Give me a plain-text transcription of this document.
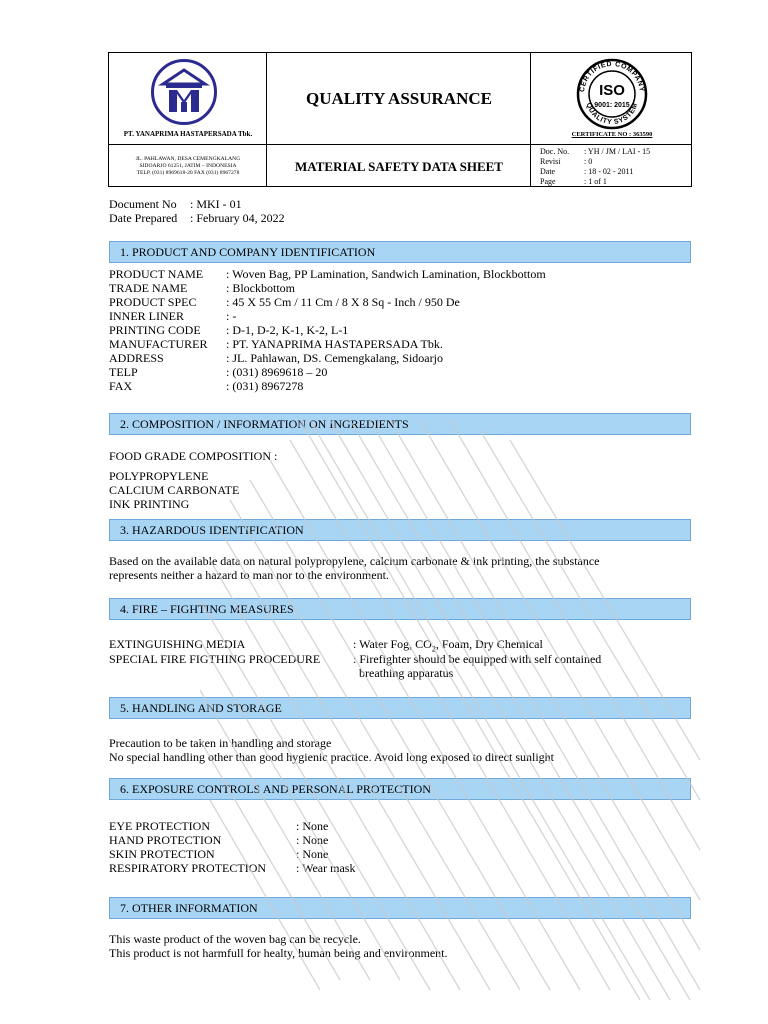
PT. YANAPRIMA HASTAPERSADA Tbk.
QUALITY ASSURANCE	CERTIFIED COMPANY
QUALITY SYSTEM
ISO
9001: 2015
CERTIFICATE NO : 363590
JL. PAHLAWAN, DESA CEMENGKALANG
SIDOARJO 61251, JATIM – INDONESIA
TELP. (031) 8969618-20 FAX (031) 8967278	MATERIAL SAFETY DATA SHEET
Doc. No.	: YH / JM / LAI - 15
Revisi	: 0
Date	: 18 - 02 - 2011
Page	: 1 of 1
Document No : MKI - 01
Date Prepared : February 04, 2022
1. PRODUCT AND COMPANY IDENTIFICATION
PRODUCT NAME : Woven Bag, PP Lamination, Sandwich Lamination, Blockbottom
TRADE NAME	: Blockbottom
PRODUCT SPEC : 45 X 55 Cm / 11 Cm / 8 X 8 Sq - Inch / 950 De
INNER LINER	: -
PRINTING CODE : D-1, D-2, K-1, K-2, L-1
MANUFACTURER : PT. YANAPRIMA HASTAPERSADA Tbk.
ADDRESS	: JL. Pahlawan, DS. Cemengkalang, Sidoarjo
TELP	: (031) 8969618 – 20
FAX	: (031) 8967278
2. COMPOSITION / INFORMATION ON INGREDIENTS
FOOD GRADE COMPOSITION :
POLYPROPYLENE
CALCIUM CARBONATE
INK PRINTING
3. HAZARDOUS IDENTIFICATION
Based on the available data on natural polypropylene, calcium carbonate & ink printing, the substance
represents neither a hazard to man nor to the environment.
4. FIRE – FIGHTING MEASURES
EXTINGUISHING MEDIA	: Water Fog, $CO_2$, Foam, Dry Chemical
SPECIAL FIRE FIGTHING PROCEDURE	: Firefighter should be equipped with self contained
breathing apparatus
5. HANDLING AND STORAGE
Precaution to be taken in handling and storage
No special handling other than good hygienic practice. Avoid long exposed to direct sunlight
6. EXPOSURE CONTROLS AND PERSONAL PROTECTION
EYE PROTECTION	: None
HAND PROTECTION	: None
SKIN PROTECTION	: None
RESPIRATORY PROTECTION : Wear mask
7. OTHER INFORMATION
This waste product of the woven bag can be recycle.
This product is not harmfull for healty, human being and environment.
